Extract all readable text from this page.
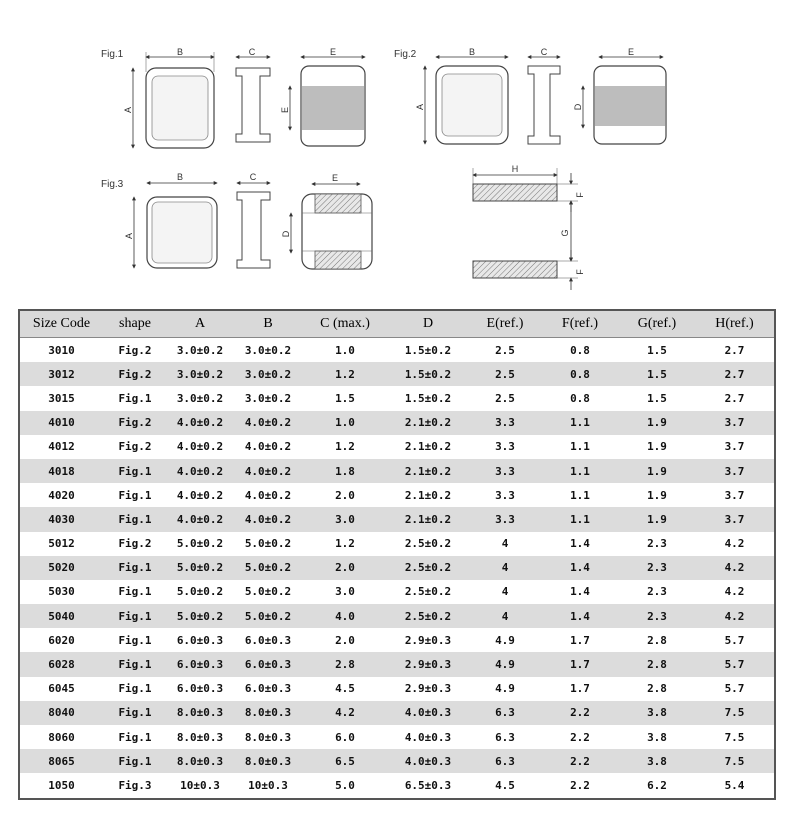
Fig.1	B
A
C	E
E
Fig.2	B
A
C	E
D
Fig.3
B
A
C	E
D
H
F
G
F
Size Code	shape	A	B	C (max.)	D	E(ref.)	F(ref.)	G(ref.)	H(ref.)
3010	Fig.2	3.0±0.2	3.0±0.2	1.0	1.5±0.2	2.5	0.8	1.5	2.7
3012	Fig.2	3.0±0.2	3.0±0.2	1.2	1.5±0.2	2.5	0.8	1.5	2.7
3015	Fig.1	3.0±0.2	3.0±0.2	1.5	1.5±0.2	2.5	0.8	1.5	2.7
4010	Fig.2	4.0±0.2	4.0±0.2	1.0	2.1±0.2	3.3	1.1	1.9	3.7
4012	Fig.2	4.0±0.2	4.0±0.2	1.2	2.1±0.2	3.3	1.1	1.9	3.7
4018	Fig.1	4.0±0.2	4.0±0.2	1.8	2.1±0.2	3.3	1.1	1.9	3.7
4020	Fig.1	4.0±0.2	4.0±0.2	2.0	2.1±0.2	3.3	1.1	1.9	3.7
4030	Fig.1	4.0±0.2	4.0±0.2	3.0	2.1±0.2	3.3	1.1	1.9	3.7
5012	Fig.2	5.0±0.2	5.0±0.2	1.2	2.5±0.2	4	1.4	2.3	4.2
5020	Fig.1	5.0±0.2	5.0±0.2	2.0	2.5±0.2	4	1.4	2.3	4.2
5030	Fig.1	5.0±0.2	5.0±0.2	3.0	2.5±0.2	4	1.4	2.3	4.2
5040	Fig.1	5.0±0.2	5.0±0.2	4.0	2.5±0.2	4	1.4	2.3	4.2
6020	Fig.1	6.0±0.3	6.0±0.3	2.0	2.9±0.3	4.9	1.7	2.8	5.7
6028	Fig.1	6.0±0.3	6.0±0.3	2.8	2.9±0.3	4.9	1.7	2.8	5.7
6045	Fig.1	6.0±0.3	6.0±0.3	4.5	2.9±0.3	4.9	1.7	2.8	5.7
8040	Fig.1	8.0±0.3	8.0±0.3	4.2	4.0±0.3	6.3	2.2	3.8	7.5
8060	Fig.1	8.0±0.3	8.0±0.3	6.0	4.0±0.3	6.3	2.2	3.8	7.5
8065	Fig.1	8.0±0.3	8.0±0.3	6.5	4.0±0.3	6.3	2.2	3.8	7.5
1050	Fig.3	10±0.3	10±0.3	5.0	6.5±0.3	4.5	2.2	6.2	5.4
